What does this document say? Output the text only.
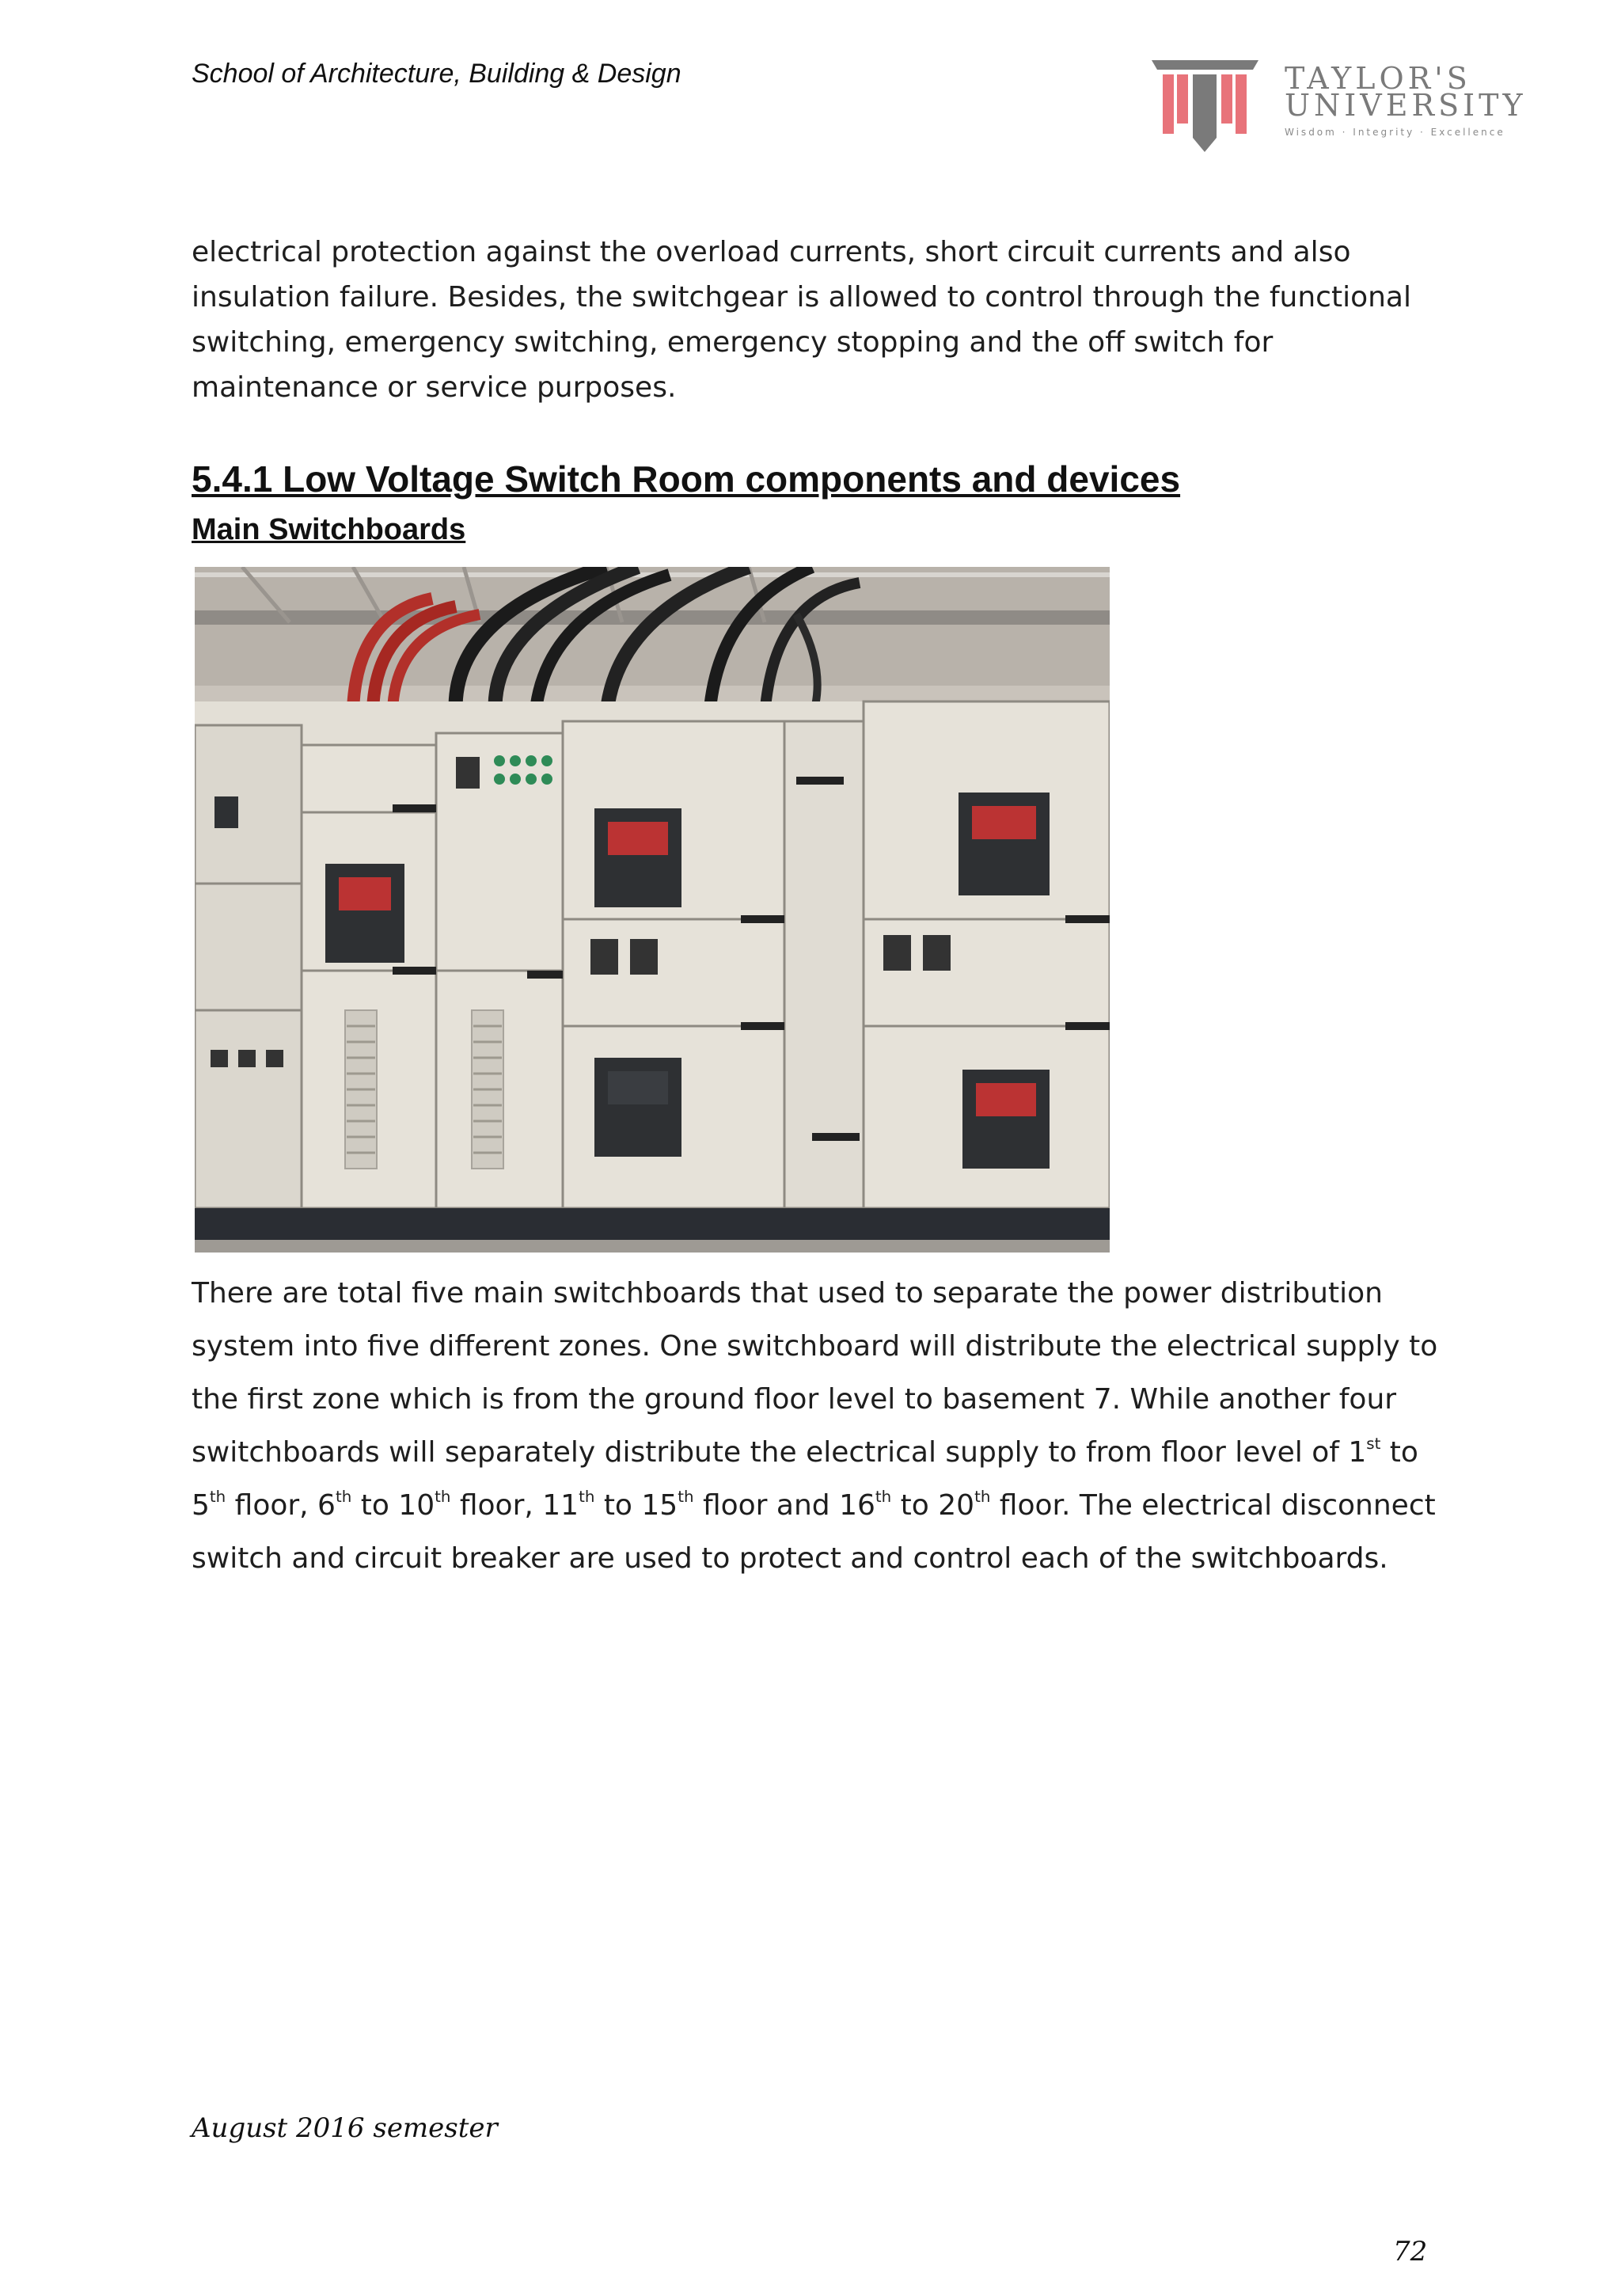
School of Architecture, Building & Design	TAYLOR'S
UNIVERSITY
Wisdom · Integrity · Excellence

electrical protection against the overload currents, short circuit currents and also insulation failure. Besides, the switchgear is allowed to control through the functional switching, emergency switching, emergency stopping and the off switch for maintenance or service purposes.

5.4.1 Low Voltage Switch Room components and devices
Main Switchboards

There are total five main switchboards that used to separate the power distribution system into five different zones. One switchboard will distribute the electrical supply to the first zone which is from the ground floor level to basement 7. While another four switchboards will separately distribute the electrical supply to from floor level of 1st to 5th floor, 6th to 10th floor, 11th to 15th floor and 16th to 20th floor. The electrical disconnect switch and circuit breaker are used to protect and control each of the switchboards.

August 2016 semester
72
